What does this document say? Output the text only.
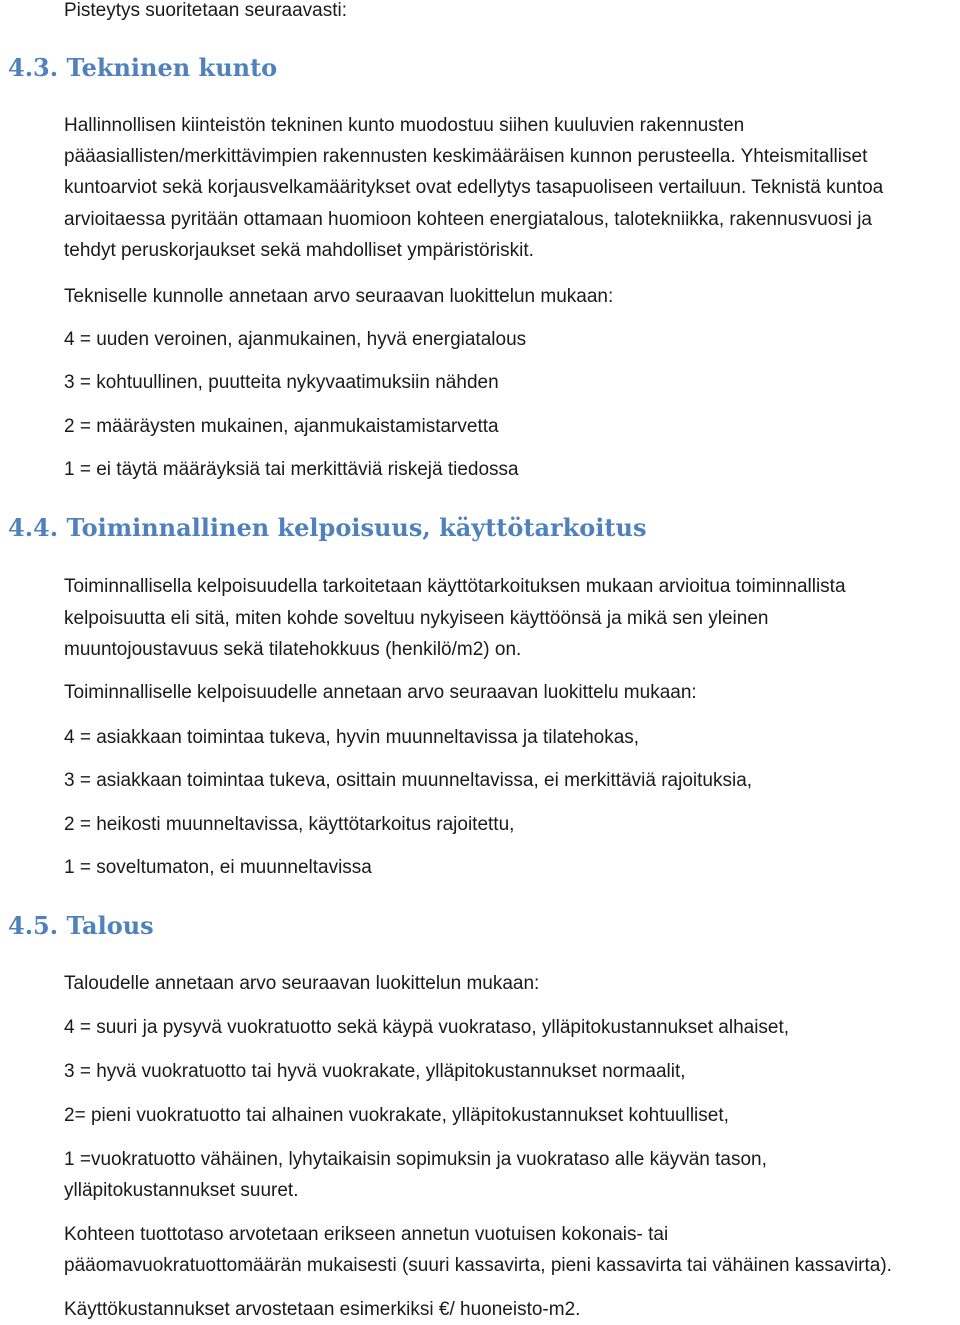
Pisteytys suoritetaan seuraavasti:

4.3. Tekninen kunto

Hallinnollisen kiinteistön tekninen kunto muodostuu siihen kuuluvien rakennusten

pääasiallisten/merkittävimpien rakennusten keskimääräisen kunnon perusteella. Yhteismitalliset

kuntoarviot sekä korjausvelkamääritykset ovat edellytys tasapuoliseen vertailuun. Teknistä kuntoa

arvioitaessa pyritään ottamaan huomioon kohteen energiatalous, talotekniikka, rakennusvuosi ja

tehdyt peruskorjaukset sekä mahdolliset ympäristöriskit.

Tekniselle kunnolle annetaan arvo seuraavan luokittelun mukaan:

4 = uuden veroinen, ajanmukainen, hyvä energiatalous

3 = kohtuullinen, puutteita nykyvaatimuksiin nähden

2 = määräysten mukainen, ajanmukaistamistarvetta

1 = ei täytä määräyksiä tai merkittäviä riskejä tiedossa

4.4. Toiminnallinen kelpoisuus, käyttötarkoitus

Toiminnallisella kelpoisuudella tarkoitetaan käyttötarkoituksen mukaan arvioitua toiminnallista

kelpoisuutta eli sitä, miten kohde soveltuu nykyiseen käyttöönsä ja mikä sen yleinen

muuntojoustavuus sekä tilatehokkuus (henkilö/m2) on.

Toiminnalliselle kelpoisuudelle annetaan arvo seuraavan luokittelu mukaan:

4 = asiakkaan toimintaa tukeva, hyvin muunneltavissa ja tilatehokas,

3 = asiakkaan toimintaa tukeva, osittain muunneltavissa, ei merkittäviä rajoituksia,

2 = heikosti muunneltavissa, käyttötarkoitus rajoitettu,

1 = soveltumaton, ei muunneltavissa

4.5. Talous

Taloudelle annetaan arvo seuraavan luokittelun mukaan:

4 = suuri ja pysyvä vuokratuotto sekä käypä vuokrataso, ylläpitokustannukset alhaiset,

3 = hyvä vuokratuotto tai hyvä vuokrakate, ylläpitokustannukset normaalit,

2= pieni vuokratuotto tai alhainen vuokrakate, ylläpitokustannukset kohtuulliset,

1 =vuokratuotto vähäinen, lyhytaikaisin sopimuksin ja vuokrataso alle käyvän tason,

ylläpitokustannukset suuret.

Kohteen tuottotaso arvotetaan erikseen annetun vuotuisen kokonais- tai

pääomavuokratuottomäärän mukaisesti (suuri kassavirta, pieni kassavirta tai vähäinen kassavirta).

Käyttökustannukset arvostetaan esimerkiksi €/ huoneisto-m2.
